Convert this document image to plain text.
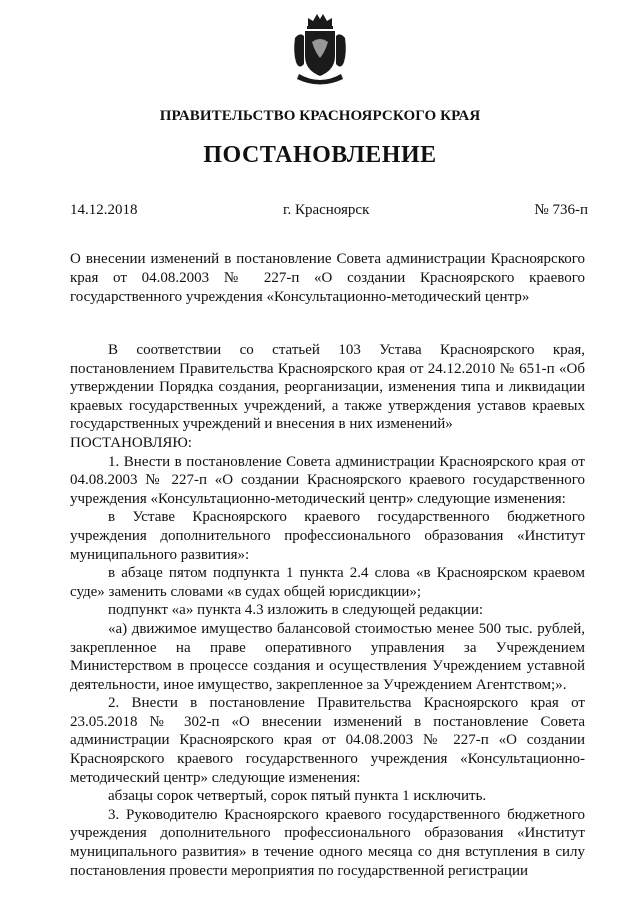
ПРАВИТЕЛЬСТВО КРАСНОЯРСКОГО КРАЯ
ПОСТАНОВЛЕНИЕ
14.12.2018	г. Красноярск	№ 736-п
О внесении изменений в постановление Совета администрации Красноярского края от 04.08.2003 № 227-п «О создании Красноярского краевого государственного учреждения «Консультационно-методический центр»

В соответствии со статьей 103 Устава Красноярского края, постановлением Правительства Красноярского края от 24.12.2010 № 651-п «Об утверждении Порядка создания, реорганизации, изменения типа и ликвидации краевых государственных учреждений, а также утверждения уставов краевых государственных учреждений и внесения в них изменений»

ПОСТАНОВЛЯЮ:

1. Внести в постановление Совета администрации Красноярского края от 04.08.2003 № 227-п «О создании Красноярского краевого государственного учреждения «Консультационно-методический центр» следующие изменения:

в Уставе Красноярского краевого государственного бюджетного учреждения дополнительного профессионального образования «Институт муниципального развития»:

в абзаце пятом подпункта 1 пункта 2.4 слова «в Красноярском краевом суде» заменить словами «в судах общей юрисдикции»;

подпункт «а» пункта 4.3 изложить в следующей редакции:

«а) движимое имущество балансовой стоимостью менее 500 тыс. рублей, закрепленное на праве оперативного управления за Учреждением Министерством в процессе создания и осуществления Учреждением уставной деятельности, иное имущество, закрепленное за Учреждением Агентством;».

2. Внести в постановление Правительства Красноярского края от 23.05.2018 № 302-п «О внесении изменений в постановление Совета администрации Красноярского края от 04.08.2003 № 227-п «О создании Красноярского краевого государственного учреждения «Консультационно-методический центр» следующие изменения:

абзацы сорок четвертый, сорок пятый пункта 1 исключить.

3. Руководителю Красноярского краевого государственного бюджетного учреждения дополнительного профессионального образования «Институт муниципального развития» в течение одного месяца со дня вступления в силу постановления провести мероприятия по государственной регистрации
